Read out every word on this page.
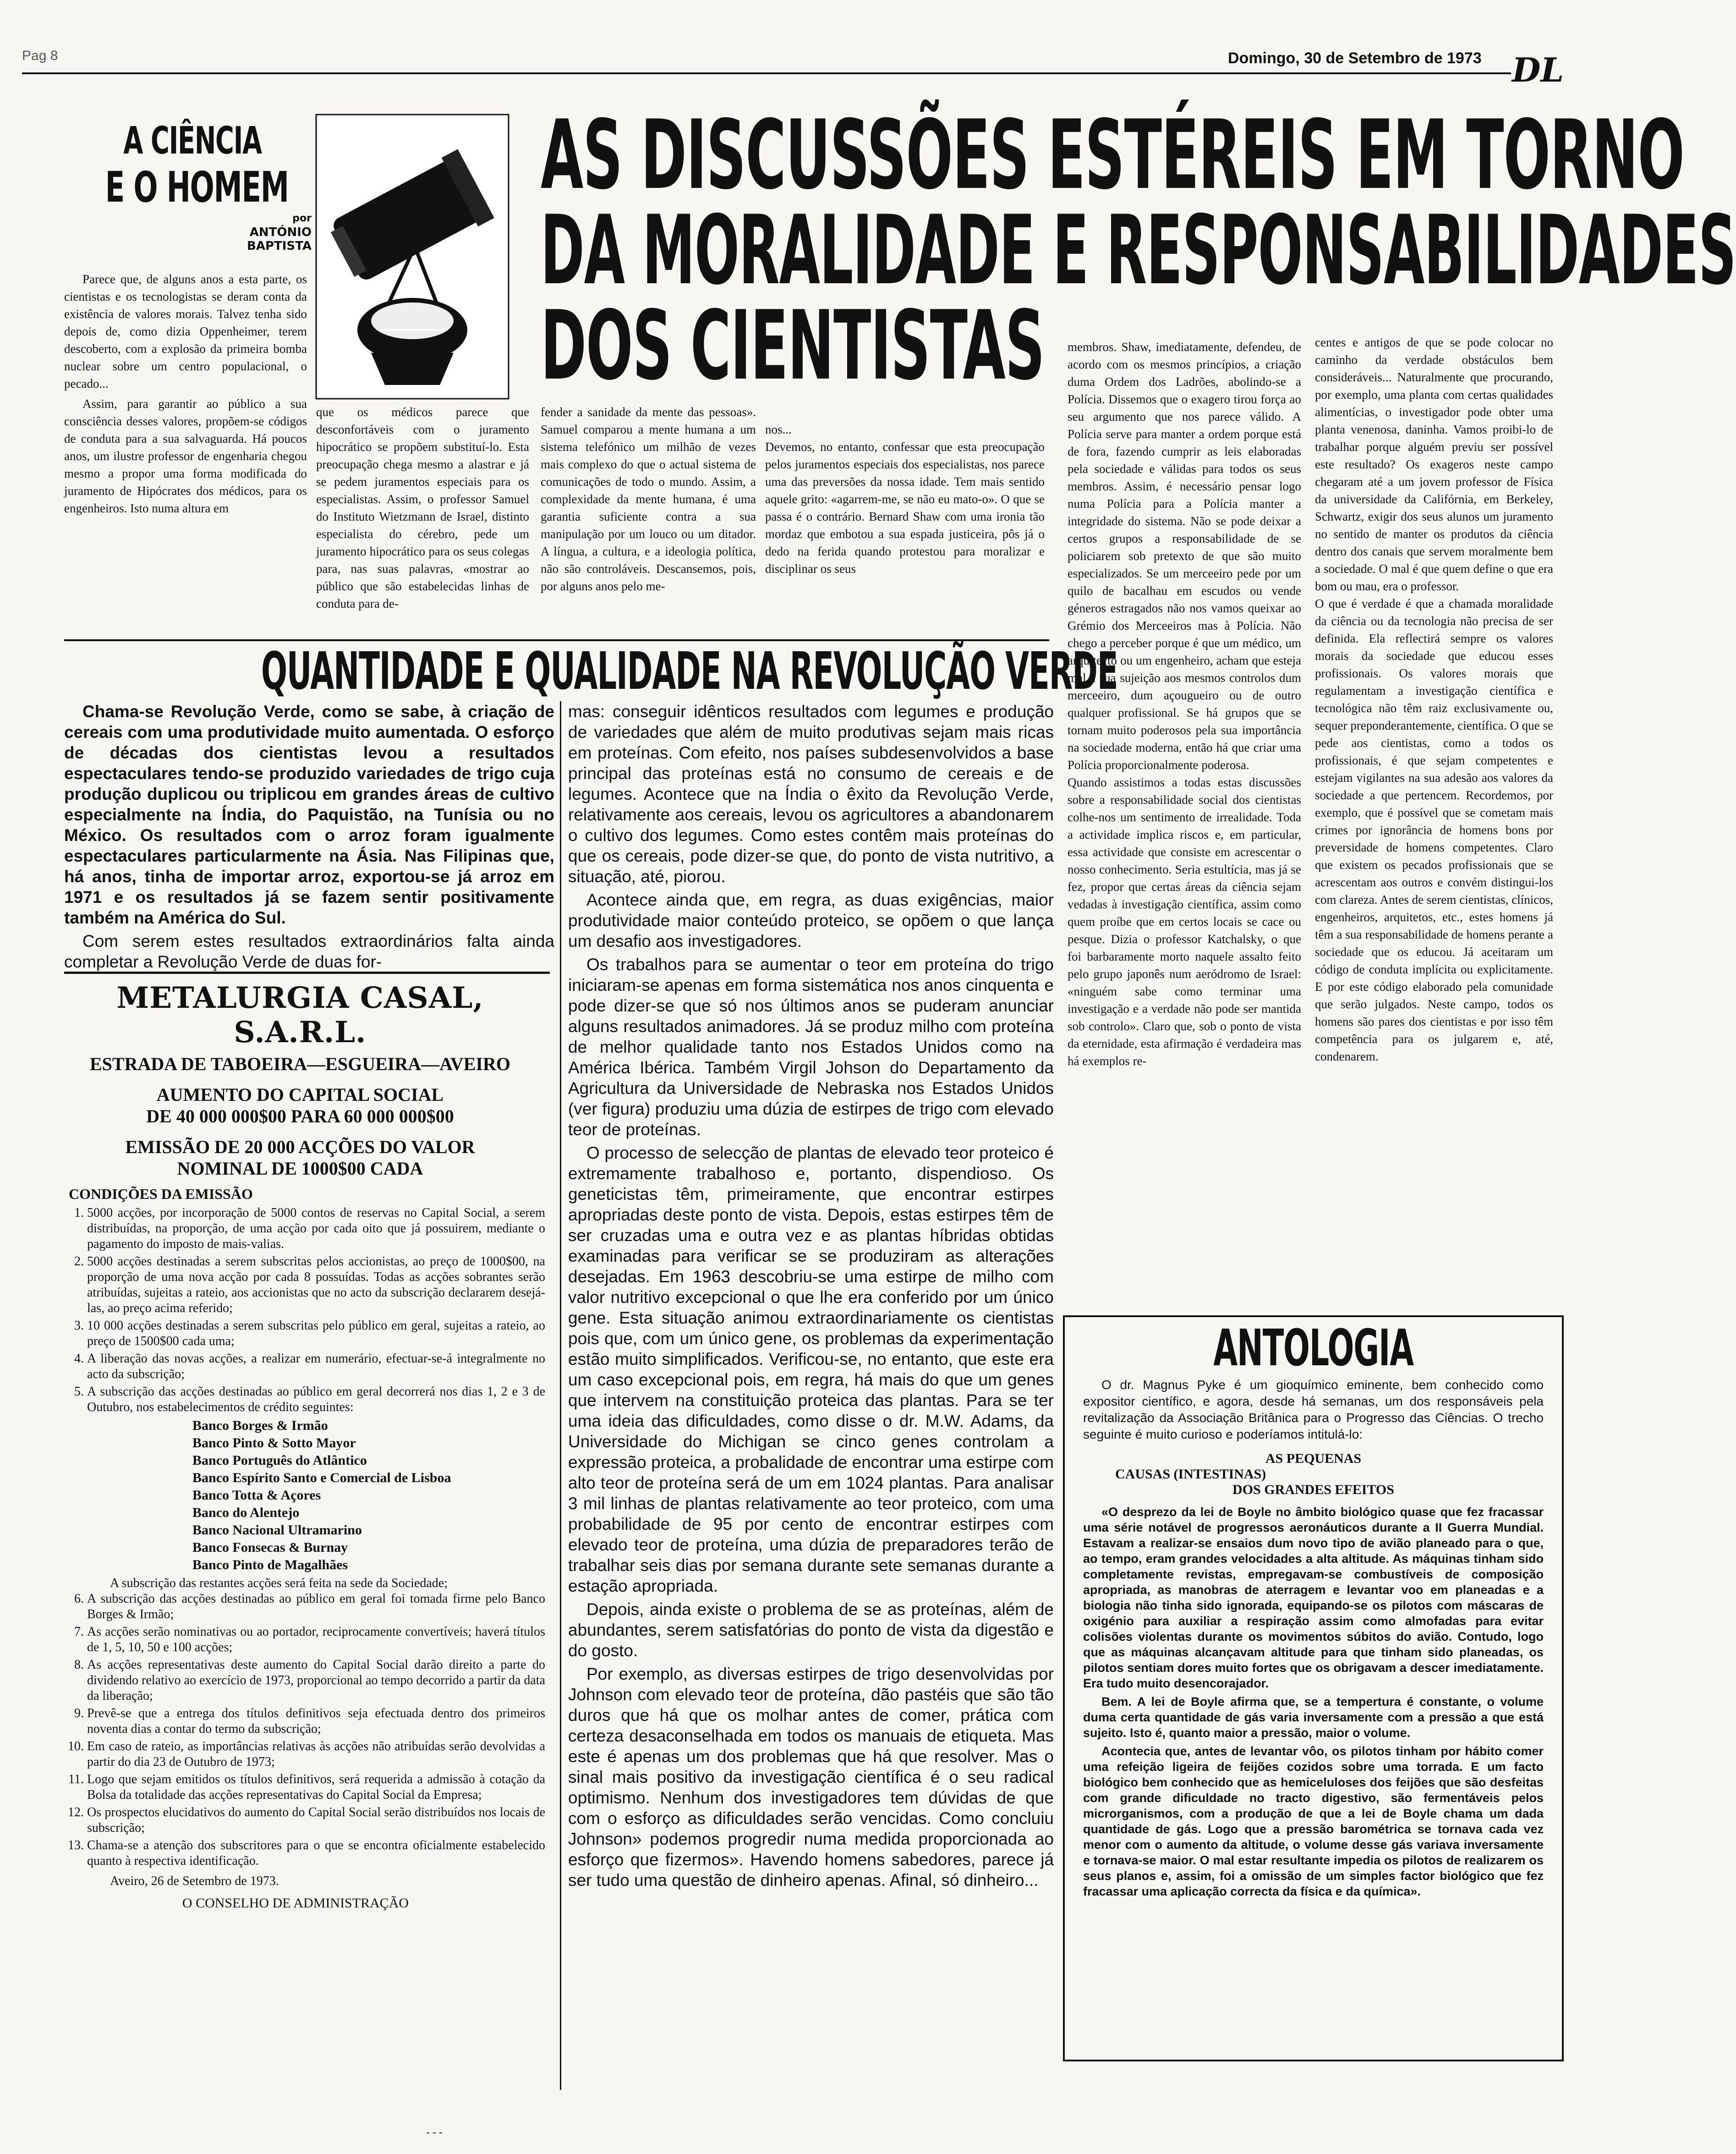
Pag 8	Domingo, 30 de Setembro de 1973 DL
A CIÊNCIA
E O HOMEM
por
ANTÓNIO
BAPTISTA
AS DISCUSSÕES ESTÉREIS EM TORNO
DA MORALIDADE E RESPONSABILIDADES
DOS CIENTISTAS

Parece que, de alguns anos a esta parte, os cientistas e os tecnologistas se deram conta da existência de valores morais. Talvez tenha sido depois de, como dizia Oppenheimer, terem descoberto, com a explosão da primeira bomba nuclear sobre um centro populacional, o pecado...

Assim, para garantir ao público a sua consciência desses valores, propõem-se códigos de conduta para a sua salvaguarda. Há poucos anos, um ilustre professor de engenharia chegou mesmo a propor uma forma modificada do juramento de Hipócrates dos médicos, para os engenheiros. Isto numa altura em

que os médicos parece que desconfortáveis com o juramento hipocrático se propõem substituí-lo. Esta preocupação chega mesmo a alastrar e já se pedem juramentos especiais para os especialistas. Assim, o professor Samuel do Instituto Wietzmann de Israel, distinto especialista do cérebro, pede um juramento hipocrático para os seus colegas para, nas suas palavras, «mostrar ao público que são estabelecidas linhas de conduta para de-

fender a sanidade da mente das pessoas». Samuel comparou a mente humana a um sistema telefónico um milhão de vezes mais complexo do que o actual sistema de comunicações de todo o mundo. Assim, a complexidade da mente humana, é uma garantia suficiente contra a sua manipulação por um louco ou um ditador. A língua, a cultura, e a ideologia política, não são controláveis. Descansemos, pois, por alguns anos pelo me-

nos...
Devemos, no entanto, confessar que esta preocupação pelos juramentos especiais dos especialistas, nos parece uma das preversões da nossa idade. Tem mais sentido aquele grito: «agarrem-me, se não eu mato-o». O que se passa é o contrário. Bernard Shaw com uma ironia tão mordaz que embotou a sua espada justiceira, pôs já o dedo na ferida quando protestou para moralizar e disciplinar os seus

membros. Shaw, imediatamente, defendeu, de acordo com os mesmos princípios, a criação duma Ordem dos Ladrões, abolindo-se a Polícia. Dissemos que o exagero tirou força ao seu argumento que nos parece válido. A Polícia serve para manter a ordem porque está de fora, fazendo cumprir as leis elaboradas pela sociedade e válidas para todos os seus membros. Assim, é necessário pensar logo numa Polícia para a Polícia manter a integridade do sistema. Não se pode deixar a certos grupos a responsabilidade de se policiarem sob pretexto de que são muito especializados. Se um merceeiro pede por um quilo de bacalhau em escudos ou vende géneros estragados não nos vamos queixar ao Grémio dos Merceeiros mas à Polícia. Não chego a perceber porque é que um médico, um arquitecto ou um engenheiro, acham que esteja mal a sua sujeição aos mesmos controlos dum merceeiro, dum açougueiro ou de outro qualquer profissional. Se há grupos que se tornam muito poderosos pela sua importância na sociedade moderna, então há que criar uma Polícia proporcionalmente poderosa.
Quando assistimos a todas estas discussões sobre a responsabilidade social dos cientistas colhe-nos um sentimento de irrealidade. Toda a actividade implica riscos e, em particular, essa actividade que consiste em acrescentar o nosso conhecimento. Seria estultícia, mas já se fez, propor que certas áreas da ciência sejam vedadas à investigação científica, assim como quem proíbe que em certos locais se cace ou pesque. Dizia o professor Katchalsky, o que foi barbaramente morto naquele assalto feito pelo grupo japonês num aeródromo de Israel: «ninguém sabe como terminar uma investigação e a verdade não pode ser mantida sob controlo». Claro que, sob o ponto de vista da eternidade, esta afirmação é verdadeira mas há exemplos re-

centes e antigos de que se pode colocar no caminho da verdade obstáculos bem consideráveis... Naturalmente que procurando, por exemplo, uma planta com certas qualidades alimentícias, o investigador pode obter uma planta venenosa, daninha. Vamos proibi-lo de trabalhar porque alguém previu ser possível este resultado? Os exageros neste campo chegaram até a um jovem professor de Física da universidade da Califórnia, em Berkeley, Schwartz, exigir dos seus alunos um juramento no sentido de manter os produtos da ciência dentro dos canais que servem moralmente bem a sociedade. O mal é que quem define o que era bom ou mau, era o professor.
O que é verdade é que a chamada moralidade da ciência ou da tecnologia não precisa de ser definida. Ela reflectirá sempre os valores morais da sociedade que educou esses profissionais. Os valores morais que regulamentam a investigação científica e tecnológica não têm raiz exclusivamente ou, sequer preponderantemente, científica. O que se pede aos cientistas, como a todos os profissionais, é que sejam competentes e estejam vigilantes na sua adesão aos valores da sociedade a que pertencem. Recordemos, por exemplo, que é possível que se cometam mais crimes por ignorância de homens bons por preversidade de homens competentes. Claro que existem os pecados profissionais que se acrescentam aos outros e convém distingui-los com clareza. Antes de serem cientistas, clínicos, engenheiros, arquitetos, etc., estes homens já têm a sua responsabilidade de homens perante a sociedade que os educou. Já aceitaram um código de conduta implícita ou explicitamente. E por este código elaborado pela comunidade que serão julgados. Neste campo, todos os homens são pares dos cientistas e por isso têm competência para os julgarem e, até, condenarem.

QUANTIDADE E QUALIDADE NA REVOLUÇÃO VERDE

Chama-se Revolução Verde, como se sabe, à criação de cereais com uma produtividade muito aumentada. O esforço de décadas dos cientistas levou a resultados espectaculares tendo-se produzido variedades de trigo cuja produção duplicou ou triplicou em grandes áreas de cultivo especialmente na Índia, do Paquistão, na Tunísia ou no México. Os resultados com o arroz foram igualmente espectaculares particularmente na Ásia. Nas Filipinas que, há anos, tinha de importar arroz, exportou-se já arroz em 1971 e os resultados já se fazem sentir positivamente também na América do Sul.

Com serem estes resultados extraordinários falta ainda completar a Revolução Verde de duas for-

mas: conseguir idênticos resultados com legumes e produção de variedades que além de muito produtivas sejam mais ricas em proteínas. Com efeito, nos países subdesenvolvidos a base principal das proteínas está no consumo de cereais e de legumes. Acontece que na Índia o êxito da Revolução Verde, relativamente aos cereais, levou os agricultores a abandonarem o cultivo dos legumes. Como estes contêm mais proteínas do que os cereais, pode dizer-se que, do ponto de vista nutritivo, a situação, até, piorou.

Acontece ainda que, em regra, as duas exigências, maior produtividade maior conteúdo proteico, se opõem o que lança um desafio aos investigadores.

Os trabalhos para se aumentar o teor em proteína do trigo iniciaram-se apenas em forma sistemática nos anos cinquenta e pode dizer-se que só nos últimos anos se puderam anunciar alguns resultados animadores. Já se produz milho com proteína de melhor qualidade tanto nos Estados Unidos como na América Ibérica. Também Virgil Johson do Departamento da Agricultura da Universidade de Nebraska nos Estados Unidos (ver figura) produziu uma dúzia de estirpes de trigo com elevado teor de proteínas.

O processo de selecção de plantas de elevado teor proteico é extremamente trabalhoso e, portanto, dispendioso. Os geneticistas têm, primeiramente, que encontrar estirpes apropriadas deste ponto de vista. Depois, estas estirpes têm de ser cruzadas uma e outra vez e as plantas híbridas obtidas examinadas para verificar se se produziram as alterações desejadas. Em 1963 descobriu-se uma estirpe de milho com valor nutritivo excepcional o que lhe era conferido por um único gene. Esta situação animou extraordinariamente os cientistas pois que, com um único gene, os problemas da experimentação estão muito simplificados. Verificou-se, no entanto, que este era um caso excepcional pois, em regra, há mais do que um genes que intervem na constituição proteica das plantas. Para se ter uma ideia das dificuldades, como disse o dr. M.W. Adams, da Universidade do Michigan se cinco genes controlam a expressão proteica, a probalidade de encontrar uma estirpe com alto teor de proteína será de um em 1024 plantas. Para analisar 3 mil linhas de plantas relativamente ao teor proteico, com uma probabilidade de 95 por cento de encontrar estirpes com elevado teor de proteína, uma dúzia de preparadores terão de trabalhar seis dias por semana durante sete semanas durante a estação apropriada.

Depois, ainda existe o problema de se as proteínas, além de abundantes, serem satisfatórias do ponto de vista da digestão e do gosto.

Por exemplo, as diversas estirpes de trigo desenvolvidas por Johnson com elevado teor de proteína, dão pastéis que são tão duros que há que os molhar antes de comer, prática com certeza desaconselhada em todos os manuais de etiqueta. Mas este é apenas um dos problemas que há que resolver. Mas o sinal mais positivo da investigação científica é o seu radical optimismo. Nenhum dos investigadores tem dúvidas de que com o esforço as dificuldades serão vencidas. Como concluiu Johnson» podemos progredir numa medida proporcionada ao esforço que fizermos». Havendo homens sabedores, parece já ser tudo uma questão de dinheiro apenas. Afinal, só dinheiro...

METALURGIA CASAL, S.A.R.L.
ESTRADA DE TABOEIRA—ESGUEIRA—AVEIRO
AUMENTO DO CAPITAL SOCIAL
DE 40 000 000$00 PARA 60 000 000$00
EMISSÃO DE 20 000 ACÇÕES DO VALOR
NOMINAL DE 1000$00 CADA
CONDIÇÕES DA EMISSÃO
1. 5000 acções, por incorporação de 5000 contos de reservas no Capital Social, a serem distribuídas, na proporção, de uma acção por cada oito que já possuirem, mediante o pagamento do imposto de mais-valias.
2. 5000 acções destinadas a serem subscritas pelos accionistas, ao preço de 1000$00, na proporção de uma nova acção por cada 8 possuídas. Todas as acções sobrantes serão atribuídas, sujeitas a rateio, aos accionistas que no acto da subscrição declararem desejá-las, ao preço acima referido;
3. 10 000 acções destinadas a serem subscritas pelo público em geral, sujeitas a rateio, ao preço de 1500$00 cada uma;
4. A liberação das novas acções, a realizar em numerário, efectuar-se-á integralmente no acto da subscrição;
5. A subscrição das acções destinadas ao público em geral decorrerá nos dias 1, 2 e 3 de Outubro, nos estabelecimentos de crédito seguintes:
Banco Borges & Irmão
Banco Pinto & Sotto Mayor
Banco Português do Atlântico
Banco Espírito Santo e Comercial de Lisboa
Banco Totta & Açores
Banco do Alentejo
Banco Nacional Ultramarino
Banco Fonsecas & Burnay
Banco Pinto de Magalhães
A subscrição das restantes acções será feita na sede da Sociedade;
6. A subscrição das acções destinadas ao público em geral foi tomada firme pelo Banco Borges & Irmão;
7. As acções serão nominativas ou ao portador, reciprocamente convertíveis; haverá títulos de 1, 5, 10, 50 e 100 acções;
8. As acções representativas deste aumento do Capital Social darão direito a parte do dividendo relativo ao exercício de 1973, proporcional ao tempo decorrido a partir da data da liberação;
9. Prevê-se que a entrega dos títulos definitivos seja efectuada dentro dos primeiros noventa dias a contar do termo da subscrição;
10. Em caso de rateio, as importâncias relativas às acções não atribuídas serão devolvidas a partir do dia 23 de Outubro de 1973;
11. Logo que sejam emitidos os títulos definitivos, será requerida a admissão à cotação da Bolsa da totalidade das acções representativas do Capital Social da Empresa;
12. Os prospectos elucidativos do aumento do Capital Social serão distribuídos nos locais de subscrição;
13. Chama-se a atenção dos subscritores para o que se encontra oficialmente estabelecido quanto à respectiva identificação.
Aveiro, 26 de Setembro de 1973.
O CONSELHO DE ADMINISTRAÇÃO
ANTOLOGIA

O dr. Magnus Pyke é um gioquímico eminente, bem conhecido como expositor científico, e agora, desde há semanas, um dos responsáveis pela revitalização da Associação Britânica para o Progresso das Ciências. O trecho seguinte é muito curioso e poderíamos intitulá-lo:

AS PEQUENAS
CAUSAS (INTESTINAS)
DOS GRANDES EFEITOS

«O desprezo da lei de Boyle no âmbito biológico quase que fez fracassar uma série notável de progressos aeronáuticos durante a II Guerra Mundial. Estavam a realizar-se ensaios dum novo tipo de avião planeado para o que, ao tempo, eram grandes velocidades a alta altitude. As máquinas tinham sido completamente revistas, empregavam-se combustíveis de composição apropriada, as manobras de aterragem e levantar voo em planeadas e a biologia não tinha sido ignorada, equipando-se os pilotos com máscaras de oxigénio para auxiliar a respiração assim como almofadas para evitar colisões violentas durante os movimentos súbitos do avião. Contudo, logo que as máquinas alcançavam altitude para que tinham sido planeadas, os pilotos sentiam dores muito fortes que os obrigavam a descer imediatamente. Era tudo muito desencorajador.

Bem. A lei de Boyle afirma que, se a tempertura é constante, o volume duma certa quantidade de gás varia inversamente com a pressão a que está sujeito. Isto é, quanto maior a pressão, maior o volume.

Acontecia que, antes de levantar vôo, os pilotos tinham por hábito comer uma refeição ligeira de feijões cozidos sobre uma torrada. E um facto biológico bem conhecido que as hemiceluloses dos feijões que são desfeitas com grande dificuldade no tracto digestivo, são fermentáveis pelos microrganismos, com a produção de que a lei de Boyle chama um dada quantidade de gás. Logo que a pressão barométrica se tornava cada vez menor com o aumento da altitude, o volume desse gás variava inversamente e tornava-se maior. O mal estar resultante impedia os pilotos de realizarem os seus planos e, assim, foi a omissão de um simples factor biológico que fez fracassar uma aplicação correcta da física e da química».

- - -
